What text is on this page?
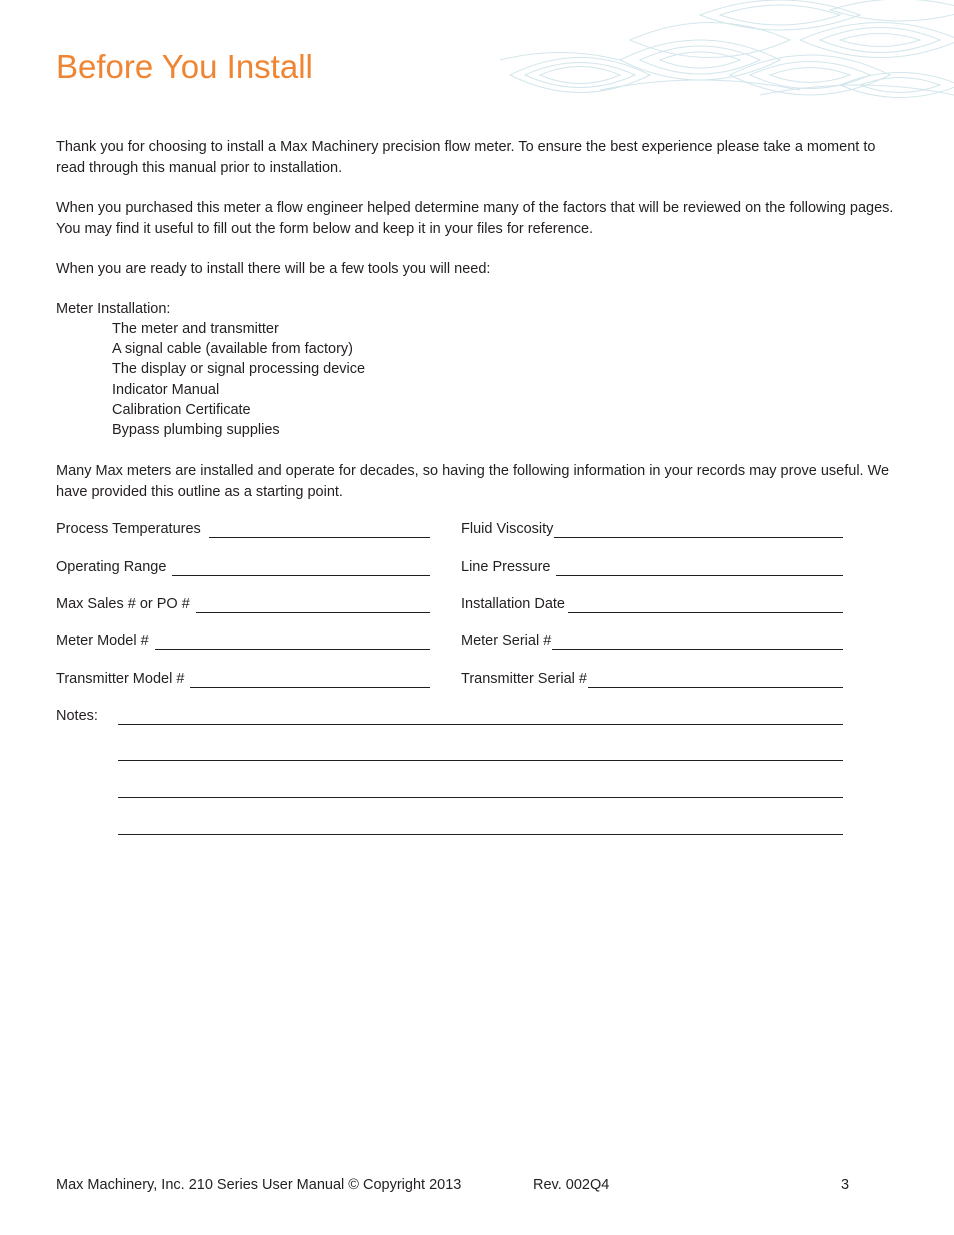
Before You Install

Thank you for choosing to install a Max Machinery precision flow meter. To ensure the best experience please take a moment to read through this manual prior to installation.

When you purchased this meter a flow engineer helped determine many of the factors that will be reviewed on the following pages. You may find it useful to fill out the form below and keep it in your files for reference.

When you are ready to install there will be a few tools you will need:

Meter Installation:

The meter and transmitter
A signal cable (available from factory)
The display or signal processing device
Indicator Manual
Calibration Certificate
Bypass plumbing supplies

Many Max meters are installed and operate for decades, so having the following information in your records may prove useful. We have provided this outline as a starting point.

Process Temperatures	Fluid Viscosity
Operating Range	Line Pressure
Max Sales # or PO #	Installation Date
Meter Model #	Meter Serial #
Transmitter Model #	Transmitter Serial #
Notes:
Max Machinery, Inc. 210 Series User Manual © Copyright 2013	Rev. 002Q4	3
